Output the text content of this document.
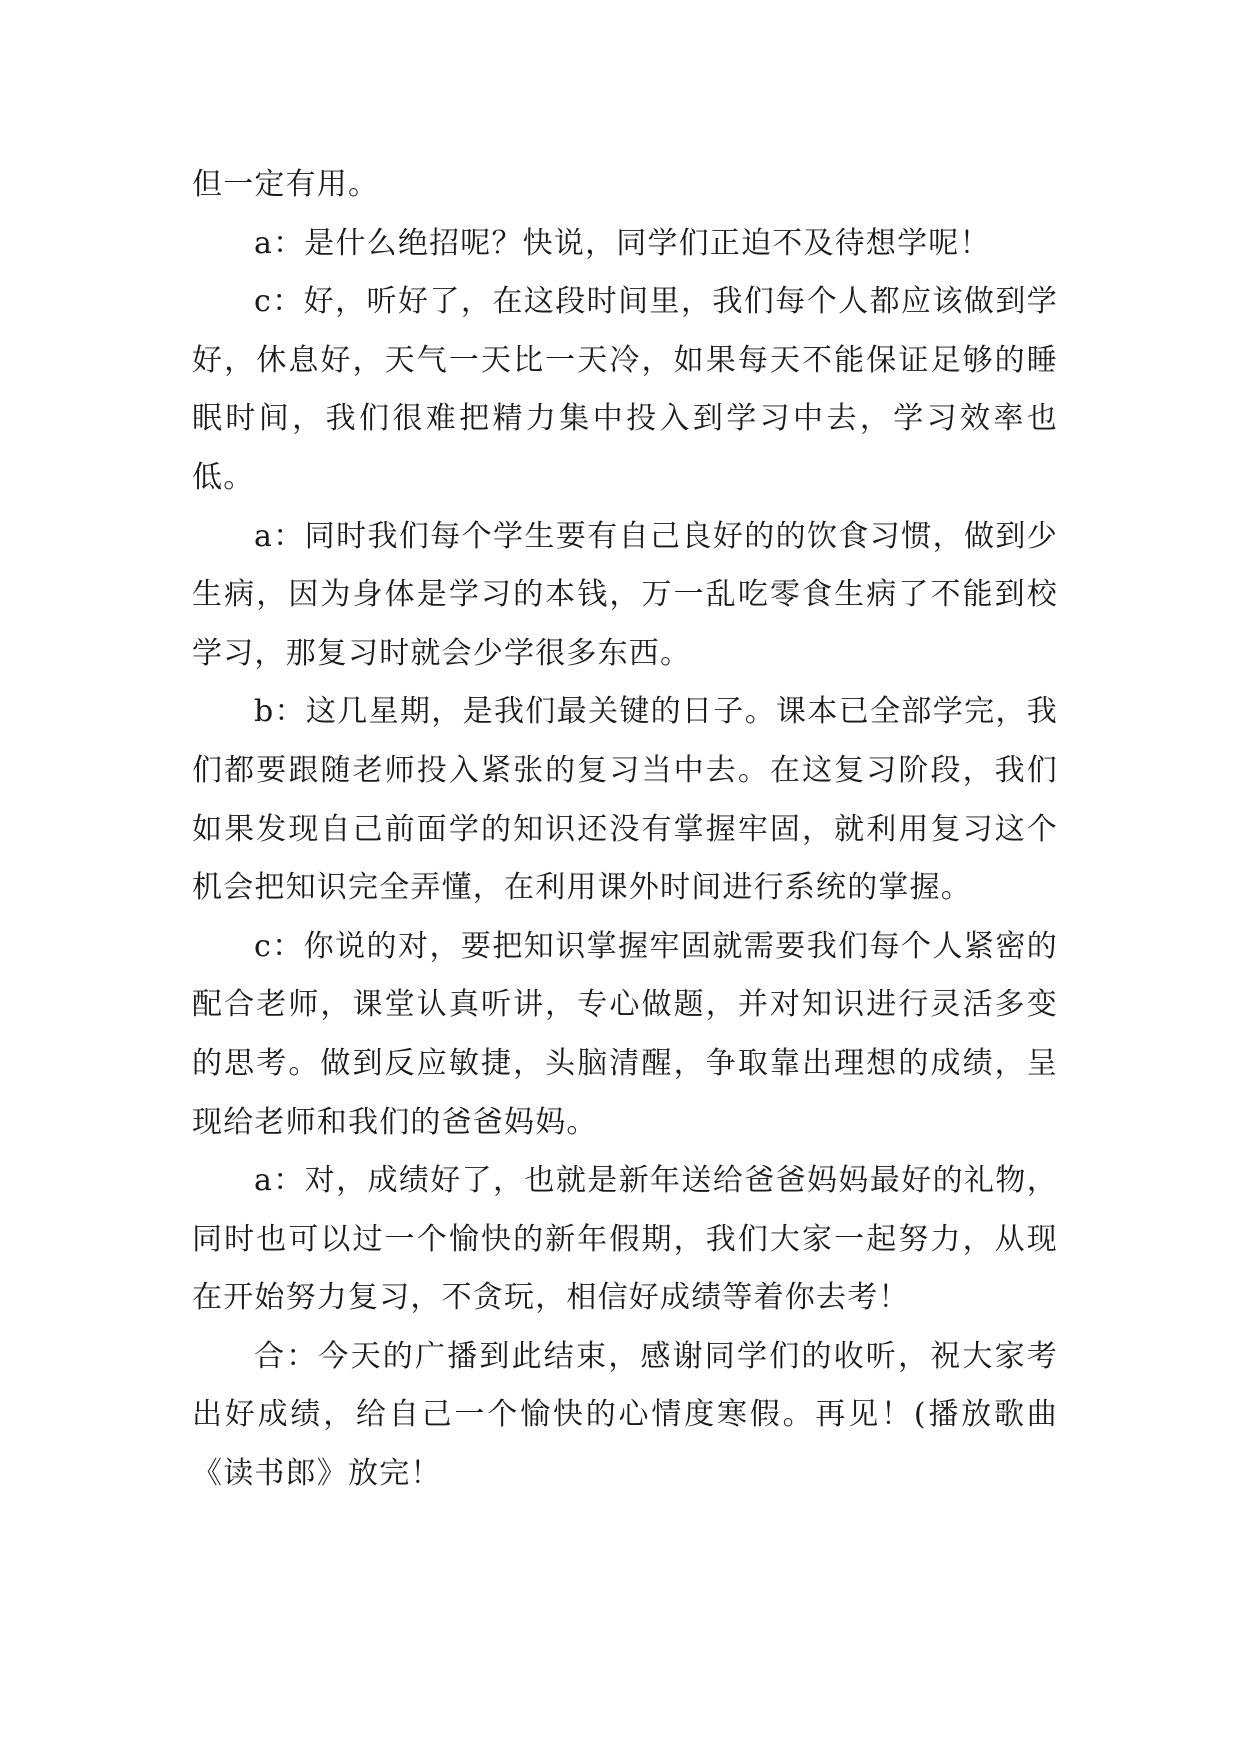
但一定有用。

a：是什么绝招呢？快说，同学们正迫不及待想学呢！

c：好，听好了，在这段时间里，我们每个人都应该做到学好，休息好，天气一天比一天冷，如果每天不能保证足够的睡眠时间，我们很难把精力集中投入到学习中去，学习效率也低。

a：同时我们每个学生要有自己良好的的饮食习惯，做到少生病，因为身体是学习的本钱，万一乱吃零食生病了不能到校学习，那复习时就会少学很多东西。

b：这几星期，是我们最关键的日子。课本已全部学完，我们都要跟随老师投入紧张的复习当中去。在这复习阶段，我们如果发现自己前面学的知识还没有掌握牢固，就利用复习这个机会把知识完全弄懂，在利用课外时间进行系统的掌握。

c：你说的对，要把知识掌握牢固就需要我们每个人紧密的配合老师，课堂认真听讲，专心做题，并对知识进行灵活多变的思考。做到反应敏捷，头脑清醒，争取靠出理想的成绩，呈现给老师和我们的爸爸妈妈。

a：对，成绩好了，也就是新年送给爸爸妈妈最好的礼物，同时也可以过一个愉快的新年假期，我们大家一起努力，从现在开始努力复习，不贪玩，相信好成绩等着你去考！

合：今天的广播到此结束，感谢同学们的收听，祝大家考出好成绩，给自己一个愉快的心情度寒假。再见！(播放歌曲《读书郎》放完！
